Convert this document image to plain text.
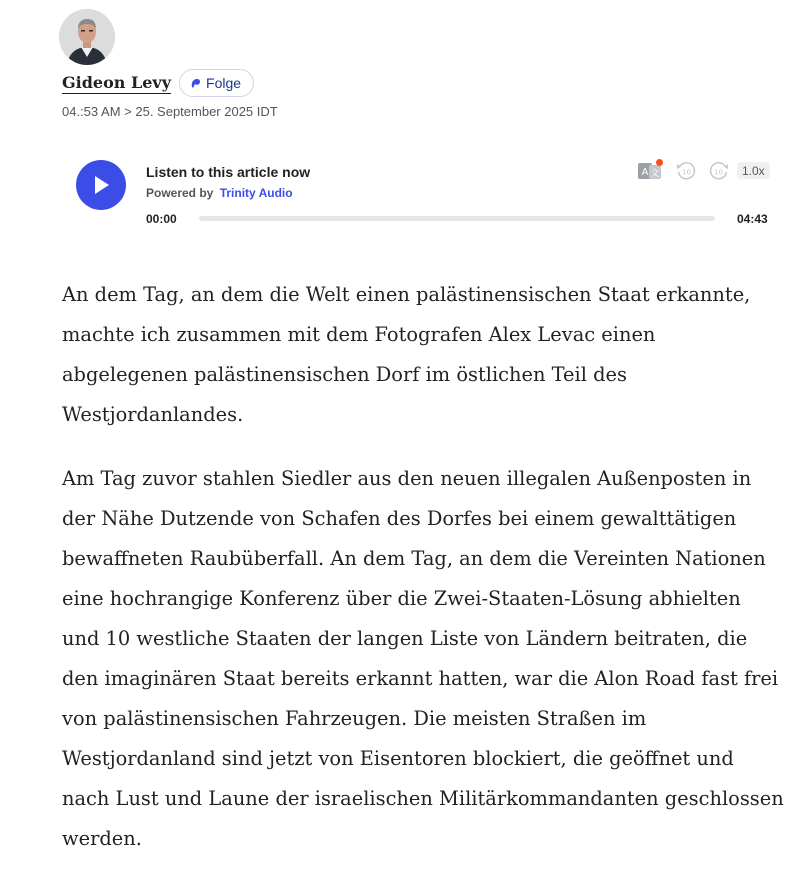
Gideon Levy	Folge
04.:53 AM > 25. September 2025 IDT
Listen to this article now
Powered by Trinity Audio
A 文	10	10	1.0x
00:00	04:43

An dem Tag, an dem die Welt einen palästinensischen Staat erkannte, machte ich zusammen mit dem Fotografen Alex Levac einen abgelegenen palästinensischen Dorf im östlichen Teil des Westjordanlandes.

Am Tag zuvor stahlen Siedler aus den neuen illegalen Außenposten in der Nähe Dutzende von Schafen des Dorfes bei einem gewalttätigen bewaffneten Raubüberfall. An dem Tag, an dem die Vereinten Nationen eine hochrangige Konferenz über die Zwei-Staaten-Lösung abhielten und 10 westliche Staaten der langen Liste von Ländern beitraten, die den imaginären Staat bereits erkannt hatten, war die Alon Road fast frei von palästinensischen Fahrzeugen. Die meisten Straßen im Westjordanland sind jetzt von Eisentoren blockiert, die geöffnet und nach Lust und Laune der israelischen Militärkommandanten geschlossen werden.
